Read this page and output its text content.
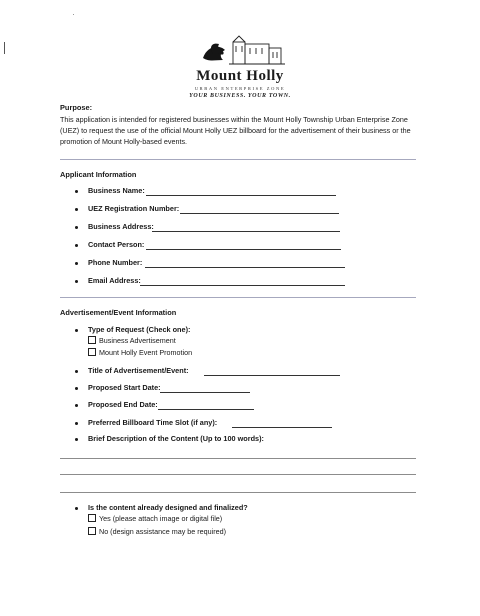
Mount Holly
URBAN ENTERPRISE ZONE
YOUR BUSINESS. YOUR TOWN.
Purpose:
This application is intended for registered businesses within the Mount Holly Township Urban Enterprise Zone (UEZ) to request the use of the official Mount Holly UEZ billboard for the advertisement of their business or the promotion of Mount Holly-based events.
Applicant Information
Business Name:
UEZ Registration Number:
Business Address:
Contact Person:
Phone Number:
Email Address:
Advertisement/Event Information
Type of Request (Check one):
Business Advertisement
Mount Holly Event Promotion
Title of Advertisement/Event:
Proposed Start Date:
Proposed End Date:
Preferred Billboard Time Slot (if any):
Brief Description of the Content (Up to 100 words):
Is the content already designed and finalized?
Yes (please attach image or digital file)
No (design assistance may be required)
